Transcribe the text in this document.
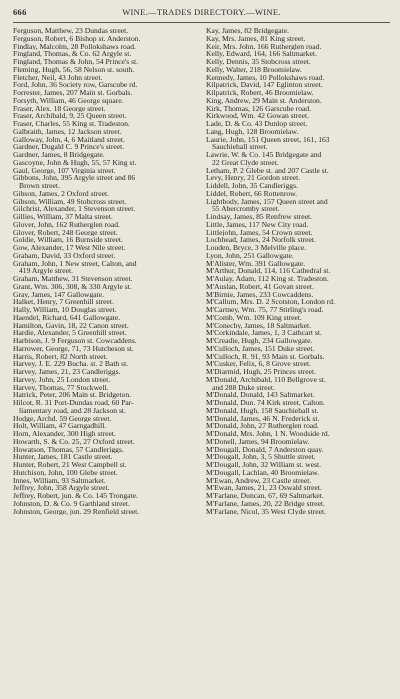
666	WINE.—TRADES DIRECTORY.—WINE.
Ferguson, Matthew, 23 Dundas street.
Ferguson, Robert, 6 Bishop st. Anderston.
Findlay, Malcolm, 28 Pollokshaws road.
Fingland, Thomas, & Co. 62 Argyle st.
Fingland, Thomas & John, 54 Prince's st.
Fleming, Hugh, 56, 58 Nelson st. south.
Fletcher, Neil, 43 John street.
Ford, John, 36 Society row, Garscube rd.
Forrester, James, 207 Main st. Gorbals.
Forsyth, William, 46 George square.
Fraser, Alex. 18 George street.
Fraser, Archibald, 9, 25 Queen street.
Fraser, Charles, 55 King st. Tradeston.
Galbraith, James, 12 Jackson street.
Galloway, John, 4, 6 Maitland street.
Gardner, Dugald C. 9 Prince's street.
Gardner, James, 8 Bridgegate.
Gascoyne, John & Hugh, 55, 57 King st.
Gaul, George, 107 Virginia street.
Gibbons, John, 395 Argyle street and 86
Brown street.
Gibson, James, 2 Oxford street.
Gibson, William, 49 Stobcross street.
Gilchrist, Alexander, 1 Stevenson street.
Gillies, William, 37 Malta street.
Glover, John, 162 Rutherglen road.
Glover, Robert, 248 George street.
Goldie, William, 16 Burnside street.
Gow, Alexander, 17 West Nile street.
Graham, David, 33 Oxford street.
Graham, John, 1 New street, Calton, and
419 Argyle street.
Graham, Matthew, 31 Stevenson street.
Grant, Wm. 306, 308, & 330 Argyle st.
Gray, James, 147 Gallowgate.
Halket, Henry, 7 Greenhill street.
Hally, William, 10 Douglas street.
Haendel, Richard, 641 Gallowgate.
Hamilton, Gavin, 18, 22 Canon street.
Hardie, Alexander, 5 Greenhill street.
Harbison, J. 9 Ferguson st. Cowcaddens.
Harrower, George, 71, 73 Hutcheson st.
Harris, Robert, 82 North street.
Harvey, J. E. 229 Bucha. st. 2 Bath st.
Harvey, James, 21, 23 Candleriggs.
Harvey, John, 25 London street.
Harvey, Thomas, 77 Stockwell.
Hatrick, Peter, 206 Main st. Bridgeton.
Hilcot, R. 31 Port-Dundas road, 60 Par-
liamentary road, and 28 Jackson st.
Hodge, Archd. 59 George street.
Holt, William, 47 Garngadhill.
Horn, Alexander, 300 High street.
Howarth, S. & Co. 25, 27 Oxford street.
Howatson, Thomas, 57 Candleriggs.
Hunter, James, 181 Castle street.
Hunter, Robert, 21 West Campbell st.
Hutchison, John, 100 Glebe street.
Innes, William, 93 Saltmarket.
Jeffrey, John, 358 Argyle street.
Jeffrey, Robert, jun. & Co. 145 Trongate.
Johnston, D. & Co. 9 Garthland street.
Johnston, George, jun. 29 Renfield street.
Kay, James, 82 Bridgegate.
Kay, Mrs. James, 81 King street.
Keir, Mrs. John, 166 Rutherglen road.
Kelly, Edward, 164, 166 Saltmarket.
Kelly, Dennis, 35 Stobcross street.
Kelly, Walter, 218 Broomielaw.
Kennedy, James, 10 Pollokshaws road.
Kilpatrick, David, 147 Eglinton street.
Kilpatrick, Robert, 46 Broomielaw.
King, Andrew, 29 Main st. Anderston.
Kirk, Thomas, 126 Garscube road.
Kirkwood, Wm. 42 Gowan street.
Lade, D. & Co. 43 Dunlop street.
Lang, Hugh, 128 Broomielaw.
Laurie, John, 151 Queen street, 161, 163
Sauchiehall street.
Lawrie, W. & Co. 145 Bridgegate and
22 Great Clyde street.
Letham, P. 2 Glebe st. and 207 Castle st.
Levy, Henry, 21 Gordon street.
Liddell, John, 35 Candleriggs.
Liddel, Robert, 66 Rottenrow.
Lightbody, James, 157 Queen street and
55 Abercromby street.
Lindsay, James, 85 Renfrew street.
Little, James, 117 New City road.
Littlejohn, James, 54 Crown street.
Lochhead, James, 24 Norfolk street.
Louden, Bryce, 3 Melville place.
Lyon, John, 251 Gallowgate.
M'Alister, Wm. 391 Gallowgate.
M'Arthur, Donald, 114, 116 Cathedral st.
M'Aulay, Adam, 112 King st. Tradeston.
M'Auslan, Robert, 41 Govan street.
M'Birnie, James, 233 Cowcaddens.
M'Callum, Mrs. D. 2 Scotston, London rd.
M'Cartney, Wm. 75, 77 Stirling's road.
M'Comb, Wm. 109 King street.
M'Conechy, James, 18 Saltmarket.
M'Corkindale, James, 1, 3 Cathcart st.
M'Creadie, Hugh, 234 Gallowgate.
M'Culloch, James, 151 Duke street.
M'Culloch, R. 91, 93 Main st. Gorbals.
M'Cusker, Felix, 6, 8 Grove street.
M'Diarmid, Hugh, 25 Princes street.
M'Donald, Archibald, 110 Bellgrove st.
and 288 Duke street.
M'Donald, Donald, 143 Saltmarket.
M'Donald, Dun. 74 Kirk street, Calton.
M'Donald, Hugh, 158 Sauchiehall st.
M'Donald, James, 46 N. Frederick st.
M'Donald, John, 27 Rutherglen road.
M'Donald, Mrs. John, 1 N. Woodside rd.
M'Donell, James, 94 Broomielaw.
M'Dougall, Donald, 7 Anderston quay.
M'Dougall, John, 3, 5 Shuttle street.
M'Dougall, John, 32 William st. west.
M'Dougall, Lachlan, 40 Broomielaw.
M'Ewan, Andrew, 23 Castle street.
M'Ewan, James, 21, 23 Oswald street.
M'Farlane, Duncan, 67, 69 Saltmarket.
M'Farlane, James, 20, 22 Bridge street.
M'Farlane, Nicol, 35 West Clyde street.
